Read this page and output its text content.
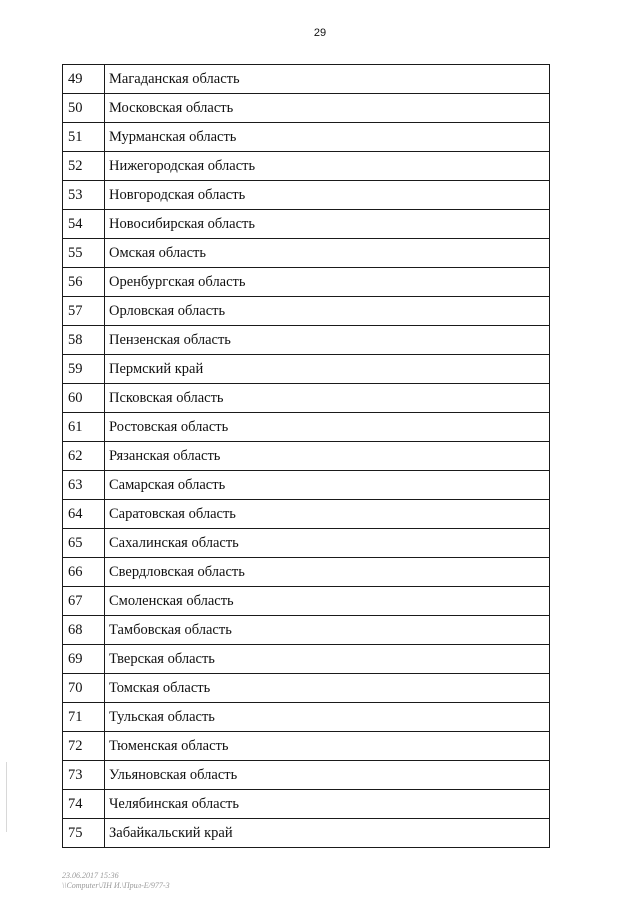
29
49	Магаданская область
50	Московская область
51	Мурманская область
52	Нижегородская область
53	Новгородская область
54	Новосибирская область
55	Омская область
56	Оренбургская область
57	Орловская область
58	Пензенская область
59	Пермский край
60	Псковская область
61	Ростовская область
62	Рязанская область
63	Самарская область
64	Саратовская область
65	Сахалинская область
66	Свердловская область
67	Смоленская область
68	Тамбовская область
69	Тверская область
70	Томская область
71	Тульская область
72	Тюменская область
73	Ульяновская область
74	Челябинская область
75	Забайкальский край
23.06.2017 15:36
\\Computer\ЛН И.\Прил-E/977-3
